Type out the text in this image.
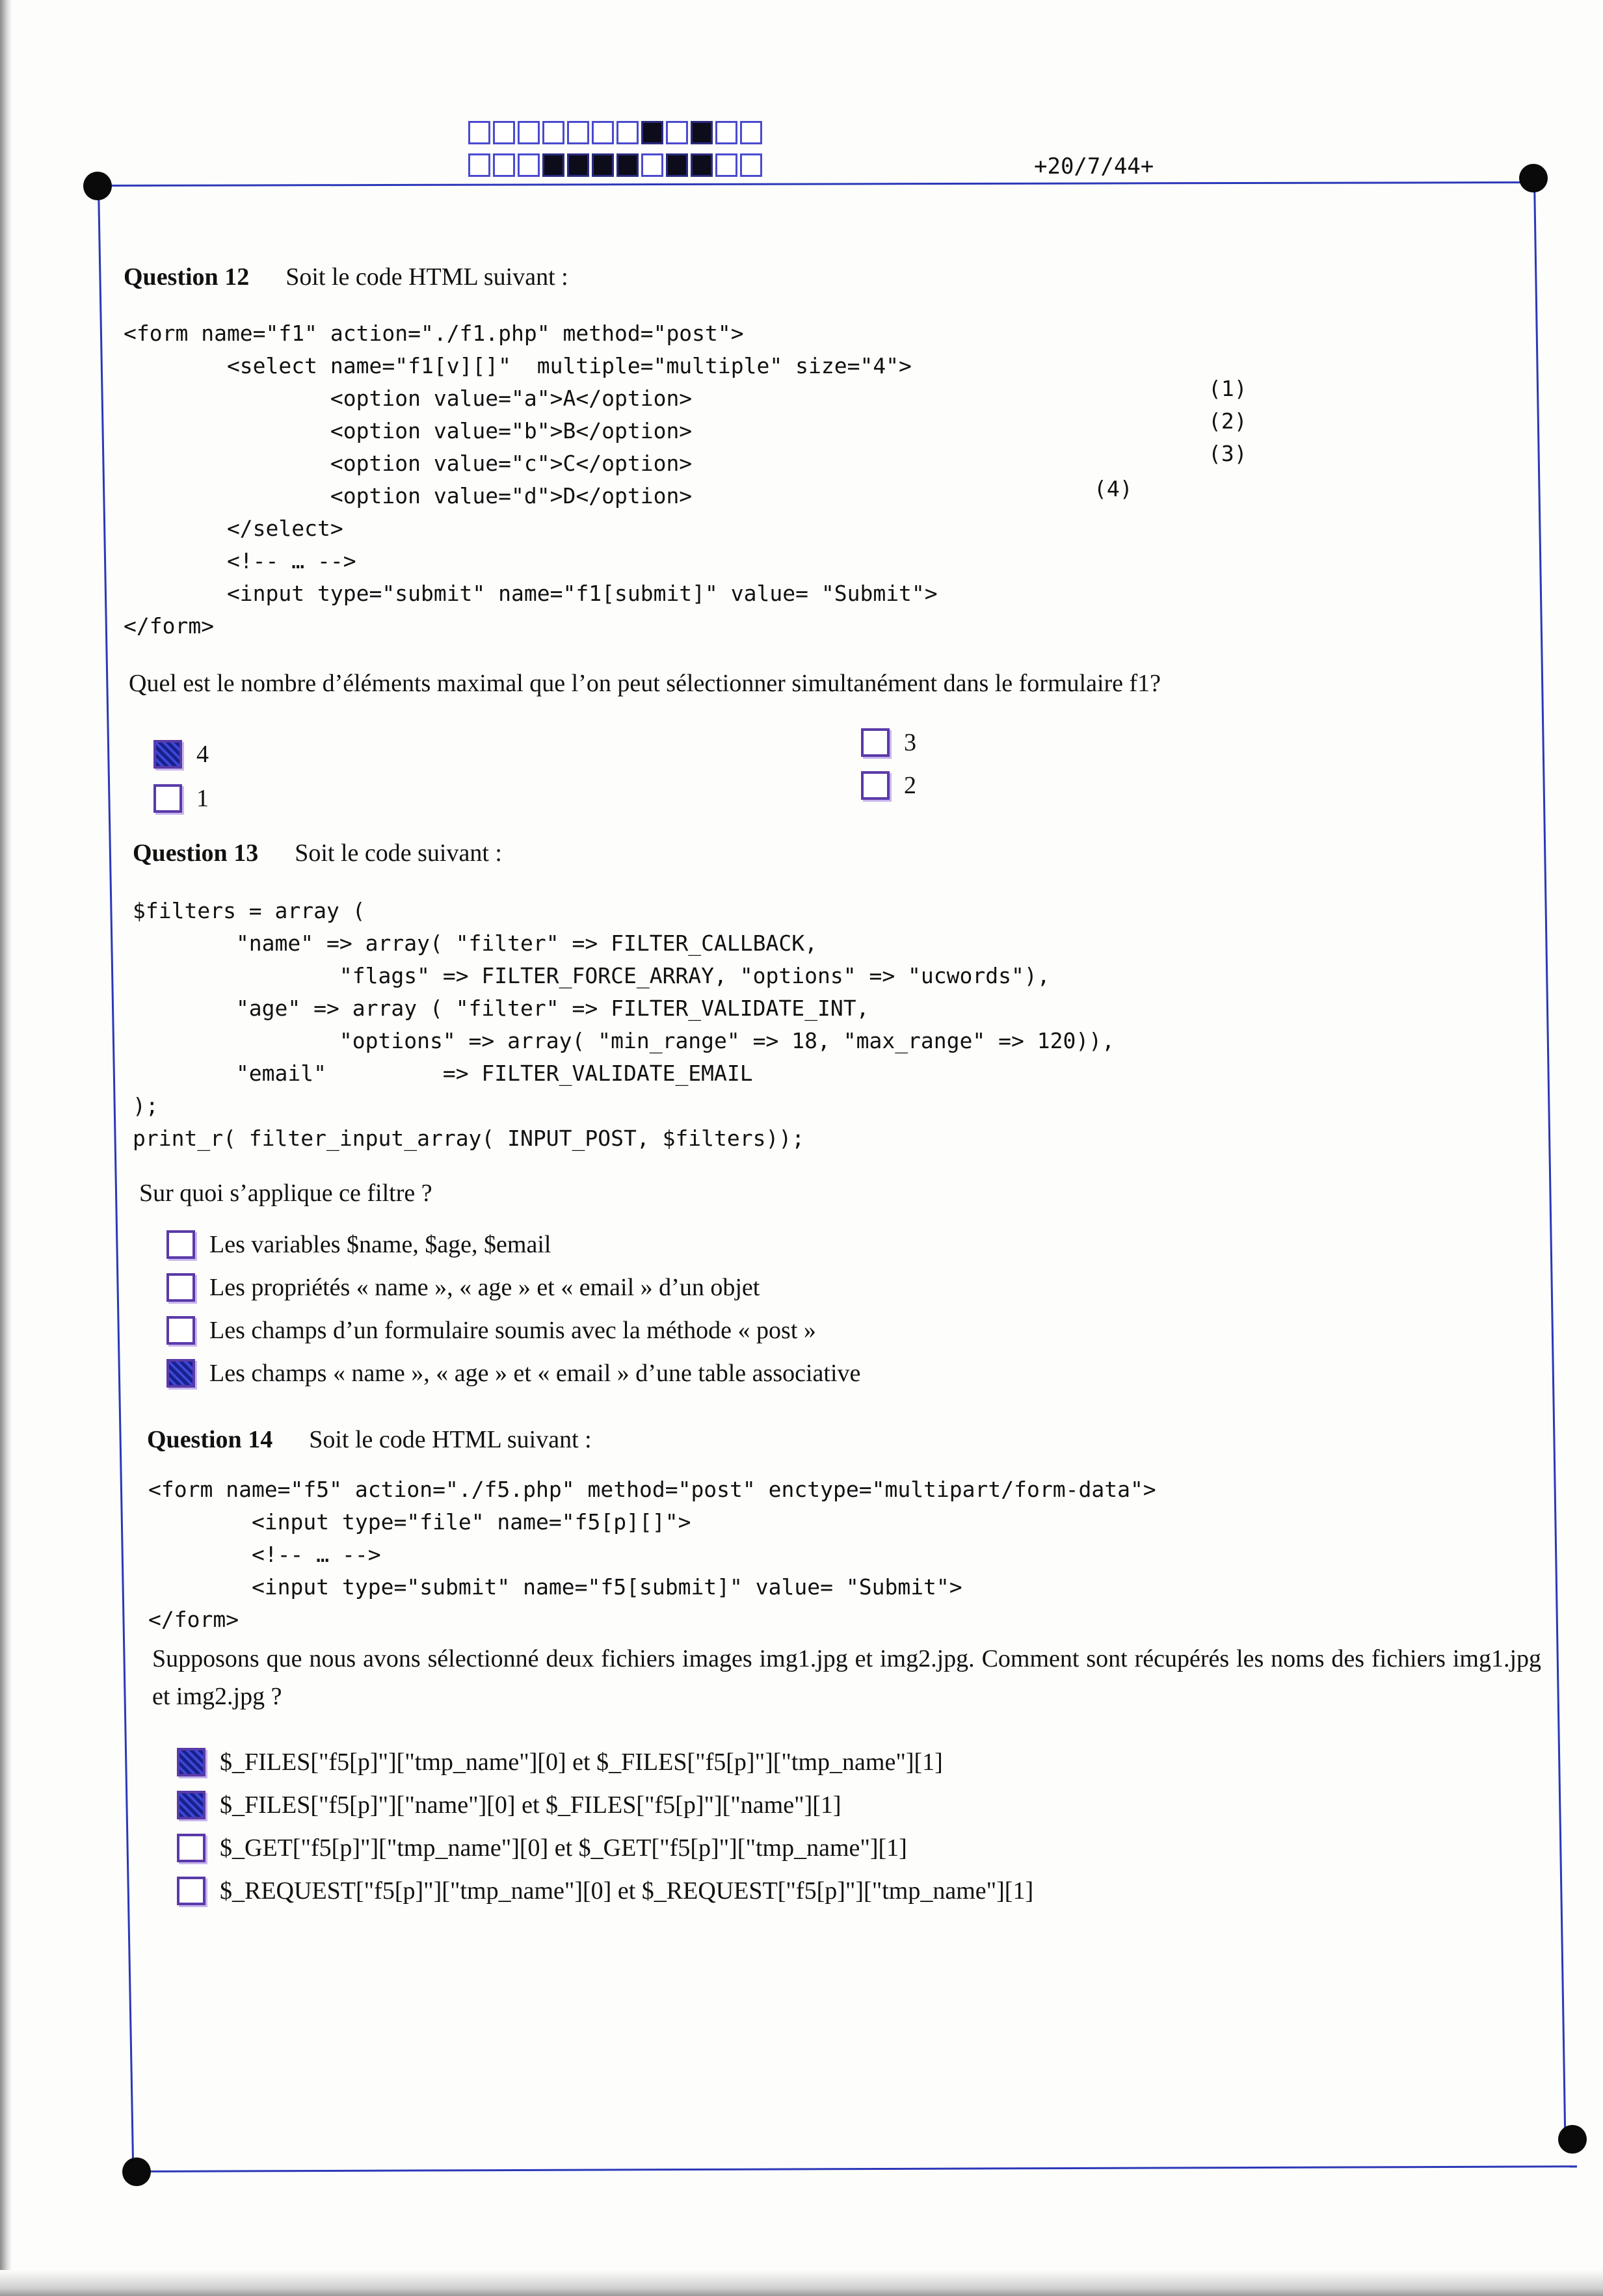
+20/7/44+
Question 12 Soit le code HTML suivant :
<form name="f1" action="./f1.php" method="post">
<select name="f1[v][]"  multiple="multiple" size="4">
<option value="a">A</option>
<option value="b">B</option>
<option value="c">C</option>
<option value="d">D</option>
</select>
<!-- … -->
<input type="submit" name="f1[submit]" value= "Submit">
</form>
(1)
(2)
(3)
(4)
Quel est le nombre d’éléments maximal que l’on peut sélectionner simultanément dans le formulaire f1?
4
1
3
2
Question 13 Soit le code suivant :
$filters = array (
"name" => array( "filter" => FILTER_CALLBACK,
"flags" => FILTER_FORCE_ARRAY, "options" => "ucwords"),
"age" => array ( "filter" => FILTER_VALIDATE_INT,
"options" => array( "min_range" => 18, "max_range" => 120)),
"email"         => FILTER_VALIDATE_EMAIL
);
print_r( filter_input_array( INPUT_POST, $filters));
Sur quoi s’applique ce filtre ?
Les variables $name, $age, $email
Les propriétés « name », « age » et « email » d’un objet
Les champs d’un formulaire soumis avec la méthode « post »
Les champs « name », « age » et « email » d’une table associative
Question 14 Soit le code HTML suivant :
<form name="f5" action="./f5.php" method="post" enctype="multipart/form-data">
<input type="file" name="f5[p][]">
<!-- … -->
<input type="submit" name="f5[submit]" value= "Submit">
</form>
Supposons que nous avons sélectionné deux fichiers images img1.jpg et img2.jpg. Comment sont récupérés les noms des fichiers img1.jpg et img2.jpg ?
$_FILES["f5[p]"]["tmp_name"][0] et $_FILES["f5[p]"]["tmp_name"][1]
$_FILES["f5[p]"]["name"][0] et $_FILES["f5[p]"]["name"][1]
$_GET["f5[p]"]["tmp_name"][0] et $_GET["f5[p]"]["tmp_name"][1]
$_REQUEST["f5[p]"]["tmp_name"][0] et $_REQUEST["f5[p]"]["tmp_name"][1]
